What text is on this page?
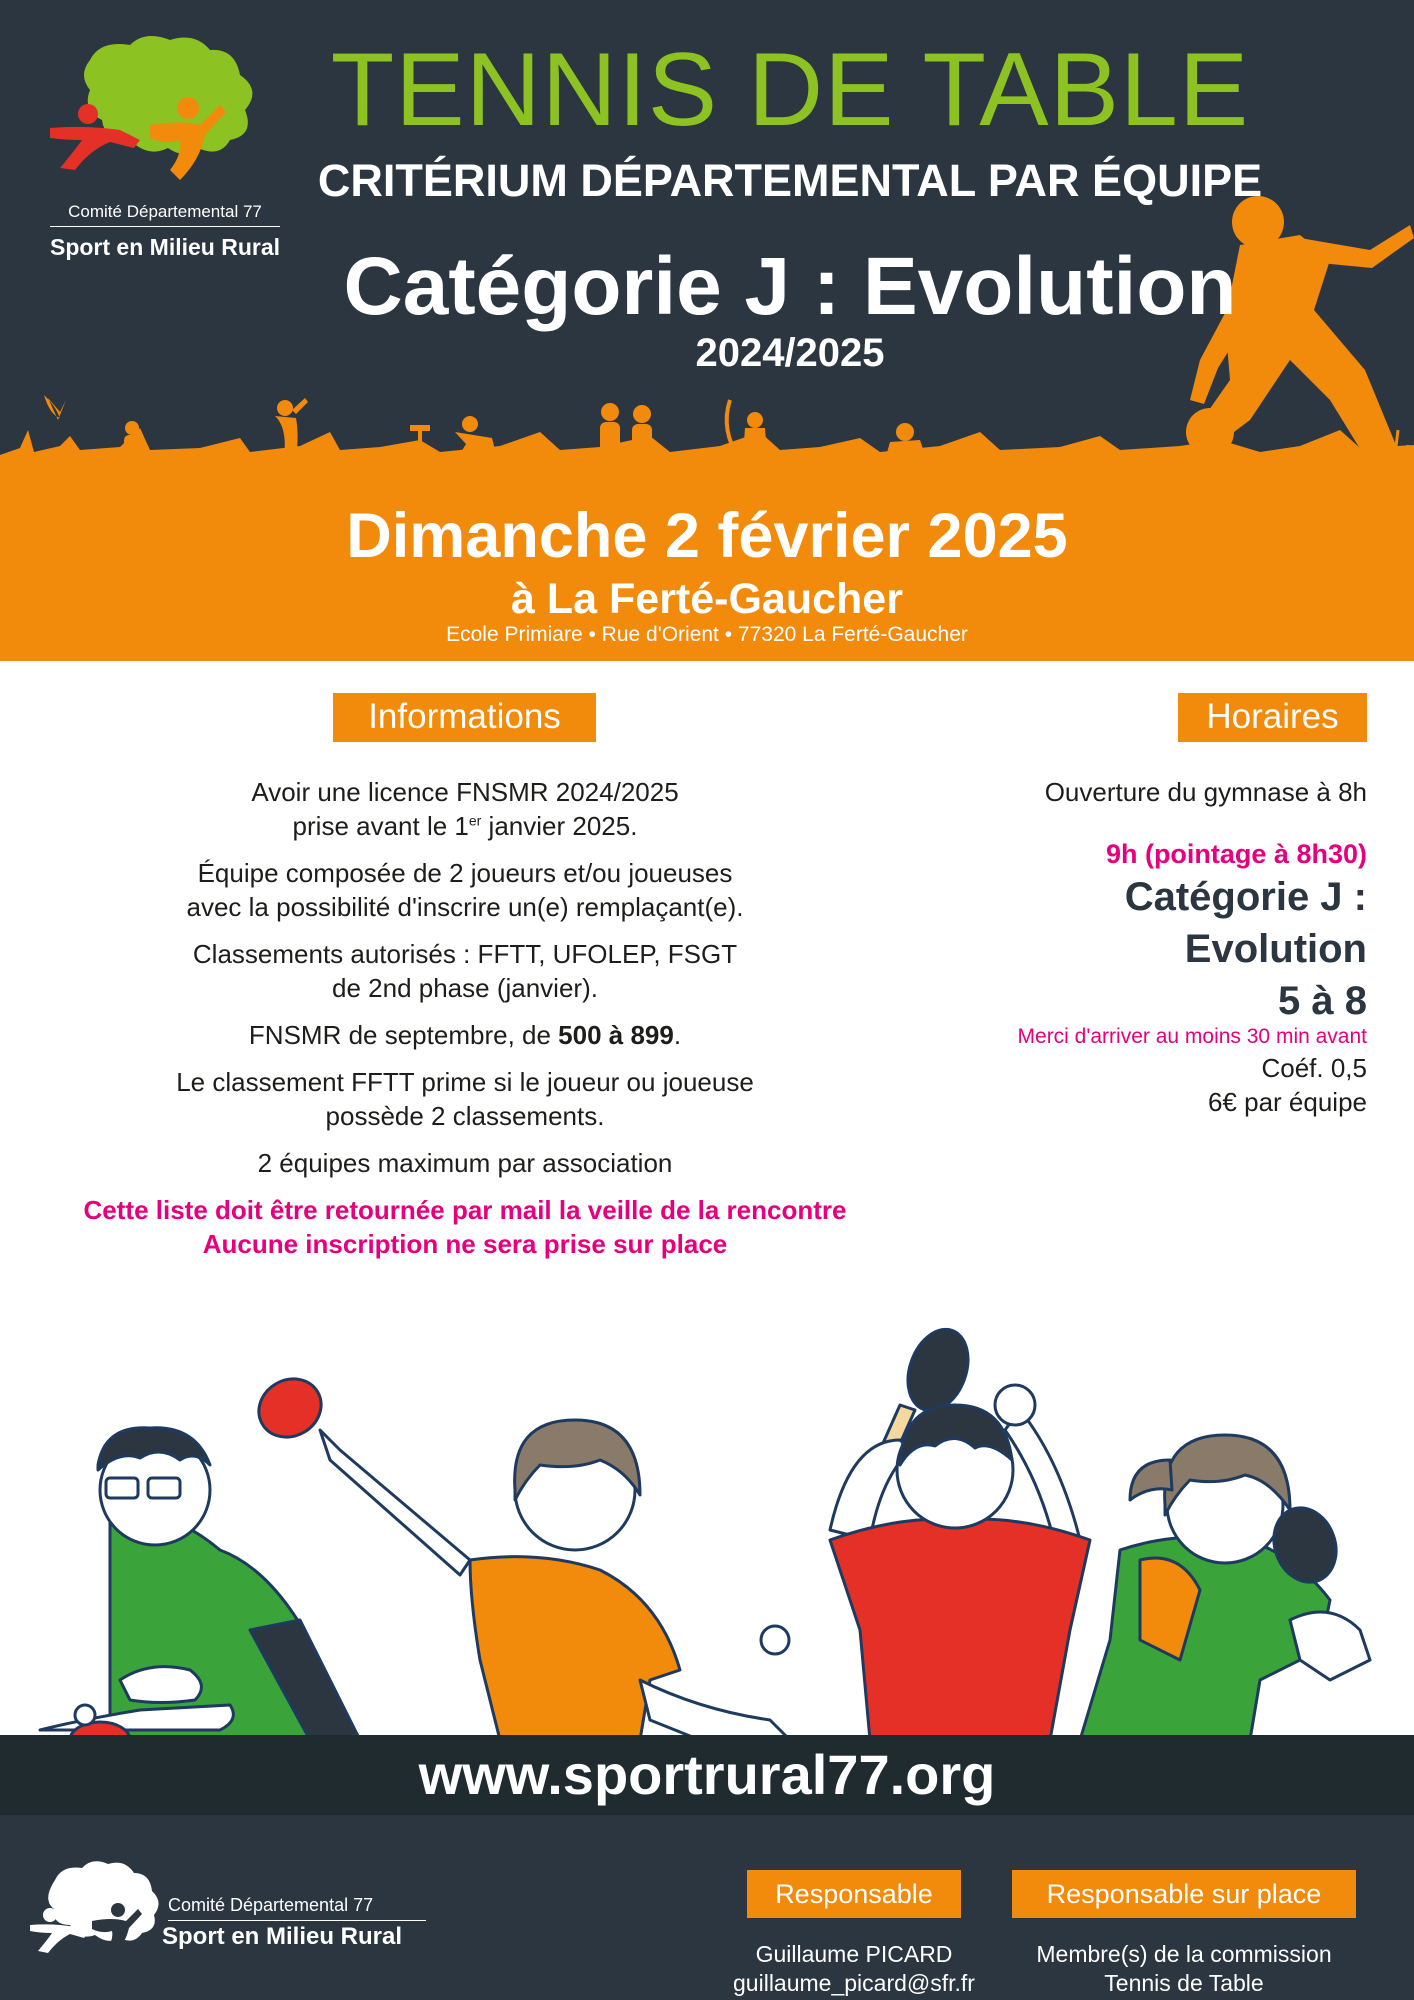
Comité Départemental 77
Sport en Milieu Rural
TENNIS DE TABLE
CRITÉRIUM DÉPARTEMENTAL PAR ÉQUIPE
Catégorie J : Evolution
2024/2025
Dimanche 2 février 2025
à La Ferté-Gaucher
Ecole Primiare • Rue d'Orient • 77320 La Ferté-Gaucher
Informations	Horaires

Avoir une licence FNSMR 2024/2025
prise avant le 1er janvier 2025.

Équipe composée de 2 joueurs et/ou joueuses
avec la possibilité d'inscrire un(e) remplaçant(e).

Classements autorisés : FFTT, UFOLEP, FSGT
de 2nd phase (janvier).

FNSMR de septembre, de 500 à 899.

Le classement FFTT prime si le joueur ou joueuse
possède 2 classements.

2 équipes maximum par association

Cette liste doit être retournée par mail la veille de la rencontre
Aucune inscription ne sera prise sur place

Ouverture du gymnase à 8h
9h (pointage à 8h30)
Catégorie J :
Evolution
5 à 8
Merci d'arriver au moins 30 min avant
Coéf. 0,5
6€ par équipe
www.sportrural77.org
Comité Départemental 77
Sport en Milieu Rural
Responsable	Responsable sur place
Guillaume PICARD
guillaume_picard@sfr.fr
Membre(s) de la commission
Tennis de Table
